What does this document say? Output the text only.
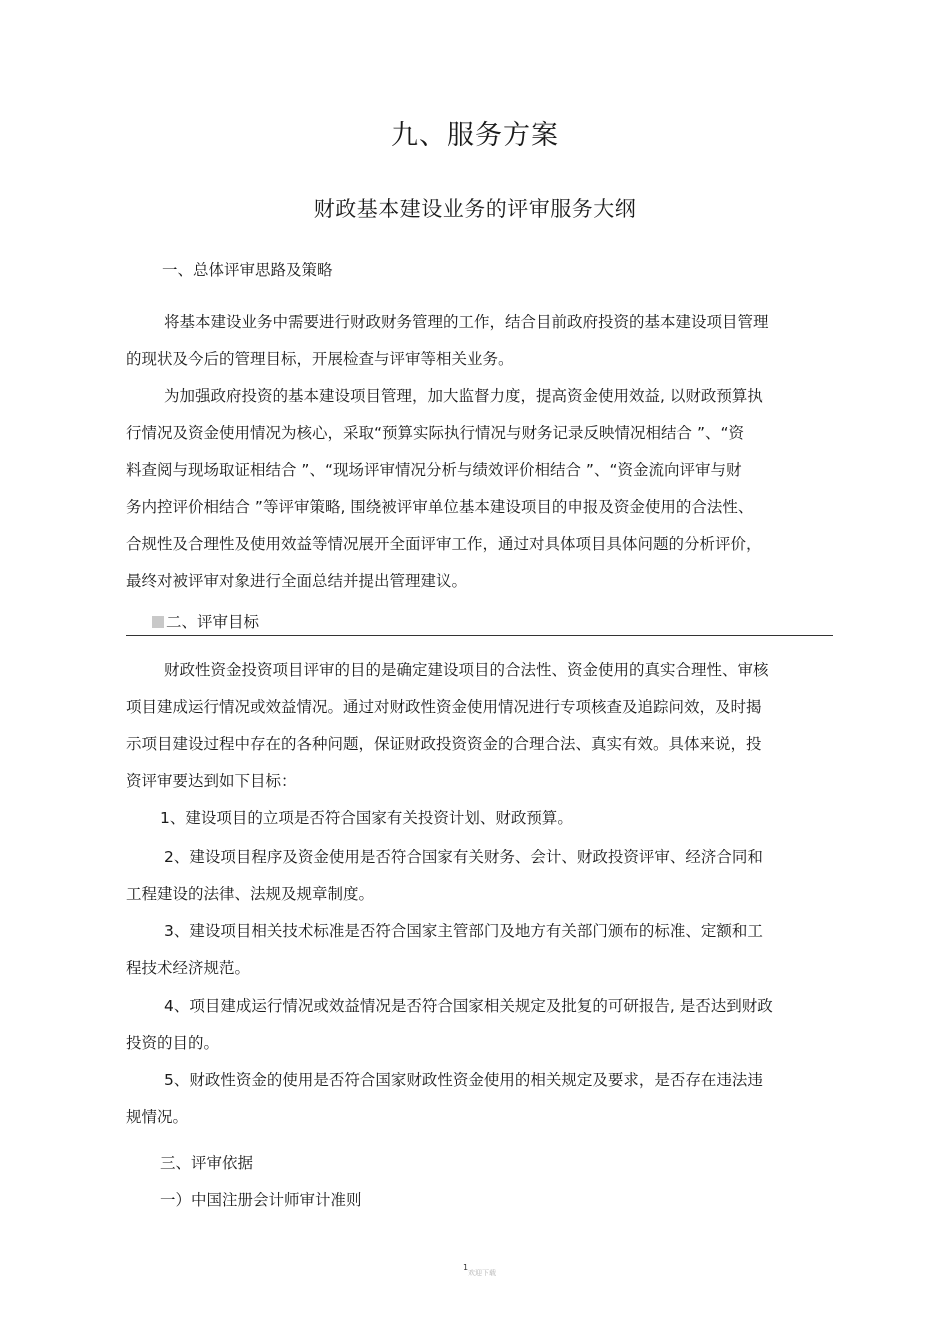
九、服务方案
财政基本建设业务的评审服务大纲
一、总体评审思路及策略
将基本建设业务中需要进行财政财务管理的工作，结合目前政府投资的基本建设项目管理
的现状及今后的管理目标，开展检查与评审等相关业务。
为加强政府投资的基本建设项目管理，加大监督力度，提高资金使用效益, 以财政预算执
行情况及资金使用情况为核心，采取“预算实际执行情况与财务记录反映情况相结合 ”、“资
料查阅与现场取证相结合 ”、“现场评审情况分析与绩效评价相结合 ”、“资金流向评审与财
务内控评价相结合 ”等评审策略, 围绕被评审单位基本建设项目的申报及资金使用的合法性、
合规性及合理性及使用效益等情况展开全面评审工作，通过对具体项目具体问题的分析评价，
最终对被评审对象进行全面总结并提出管理建议。
二、评审目标
财政性资金投资项目评审的目的是确定建设项目的合法性、资金使用的真实合理性、审核
项目建成运行情况或效益情况。通过对财政性资金使用情况进行专项核查及追踪问效，及时揭
示项目建设过程中存在的各种问题，保证财政投资资金的合理合法、真实有效。具体来说，投
资评审要达到如下目标：
1、建设项目的立项是否符合国家有关投资计划、财政预算。
2、建设项目程序及资金使用是否符合国家有关财务、会计、财政投资评审、经济合同和
工程建设的法律、法规及规章制度。
3、建设项目相关技术标准是否符合国家主管部门及地方有关部门颁布的标准、定额和工
程技术经济规范。
4、项目建成运行情况或效益情况是否符合国家相关规定及批复的可研报告, 是否达到财政
投资的目的。
5、财政性资金的使用是否符合国家财政性资金使用的相关规定及要求，是否存在违法违
规情况。
三、评审依据
一）中国注册会计师审计准则
1
欢迎下载
